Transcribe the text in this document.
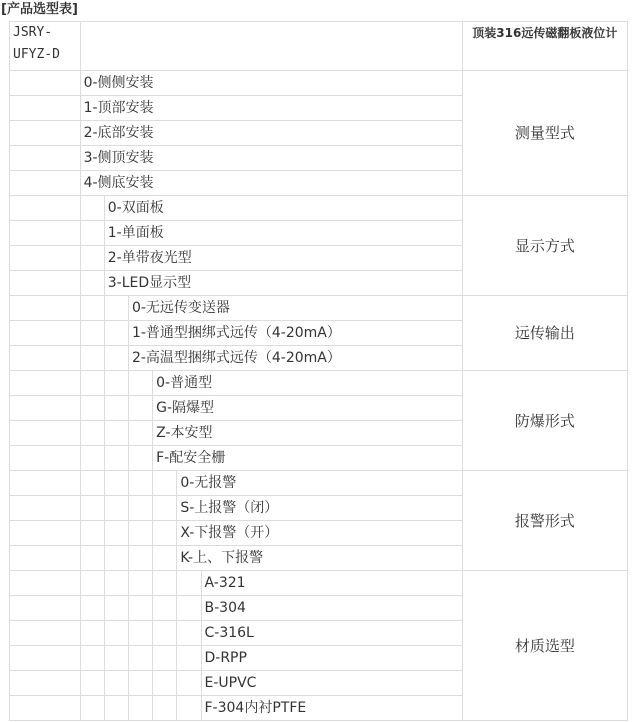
[产品选型表]
JSRY-
UFYZ-D							顶装316远传磁翻板液位计
	0-侧侧安装						测量型式
	1-顶部安装						
	2-底部安装						
	3-侧顶安装						
	4-侧底安装						
		0-双面板					显示方式
		1-单面板					
		2-单带夜光型					
		3-LED显示型					
			0-无远传变送器				远传输出
			1-普通型捆绑式远传（4-20mA）				
			2-高温型捆绑式远传（4-20mA）				
				0-普通型			防爆形式
				G-隔爆型			
				Z-本安型			
				F-配安全栅			
					0-无报警		报警形式
					S-上报警（闭）		
					X-下报警（开）		
					K-上、下报警		
						A-321	材质选型
						B-304	
						C-316L	
						D-RPP	
						E-UPVC	
						F-304内衬PTFE	
